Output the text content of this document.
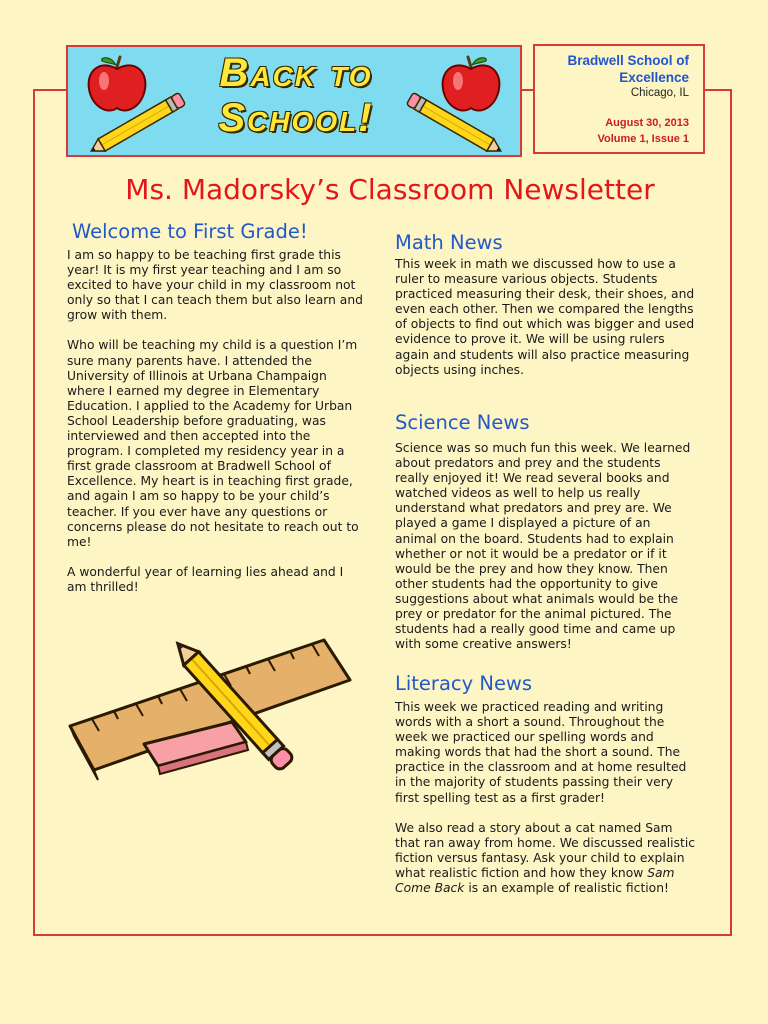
Back to
School!
Bradwell School of
Excellence
Chicago, IL
August 30, 2013
Volume 1, Issue 1
Ms. Madorsky’s Classroom Newsletter
Welcome to First Grade!

I am so happy to be teaching first grade this year! It is my first year teaching and I am so excited to have your child in my classroom not only so that I can teach them but also learn and grow with them.

Who will be teaching my child is a question I’m sure many parents have. I attended the University of Illinois at Urbana Champaign where I earned my degree in Elementary Education. I applied to the Academy for Urban School Leadership before graduating, was interviewed and then accepted into the program. I completed my residency year in a first grade classroom at Bradwell School of Excellence. My heart is in teaching first grade, and again I am so happy to be your child’s teacher. If you ever have any questions or concerns please do not hesitate to reach out to me!

A wonderful year of learning lies ahead and I am thrilled!

Math News

This week in math we discussed how to use a ruler to measure various objects. Students practiced measuring their desk, their shoes, and even each other. Then we compared the lengths of objects to find out which was bigger and used evidence to prove it. We will be using rulers again and students will also practice measuring objects using inches.

Science News

Science was so much fun this week. We learned about predators and prey and the students really enjoyed it! We read several books and watched videos as well to help us really understand what predators and prey are. We played a game I displayed a picture of an animal on the board. Students had to explain whether or not it would be a predator or if it would be the prey and how they know. Then other students had the opportunity to give suggestions about what animals would be the prey or predator for the animal pictured. The students had a really good time and came up with some creative answers!

Literacy News

This week we practiced reading and writing words with a short a sound. Throughout the week we practiced our spelling words and making words that had the short a sound. The practice in the classroom and at home resulted in the majority of students passing their very first spelling test as a first grader!

We also read a story about a cat named Sam that ran away from home. We discussed realistic fiction versus fantasy. Ask your child to explain what realistic fiction and how they know Sam Come Back is an example of realistic fiction!
